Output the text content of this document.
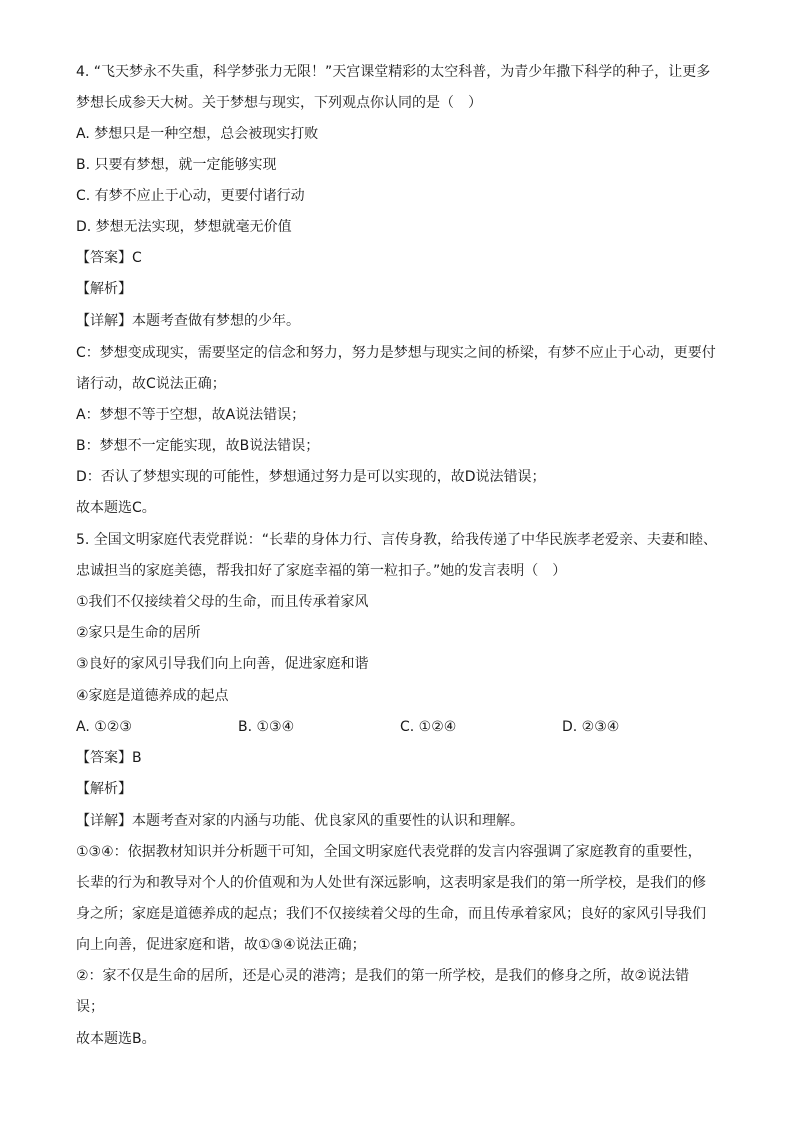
4. “飞天梦永不失重，科学梦张力无限！”天宫课堂精彩的太空科普，为青少年撒下科学的种子，让更多
梦想长成参天大树。关于梦想与现实，下列观点你认同的是（　）
A. 梦想只是一种空想，总会被现实打败
B. 只要有梦想，就一定能够实现
C. 有梦不应止于心动，更要付诸行动
D. 梦想无法实现，梦想就毫无价值
【答案】C
【解析】
【详解】本题考查做有梦想的少年。
C：梦想变成现实，需要坚定的信念和努力，努力是梦想与现实之间的桥梁，有梦不应止于心动，更要付
诸行动，故C说法正确；
A：梦想不等于空想，故A说法错误；
B：梦想不一定能实现，故B说法错误；
D：否认了梦想实现的可能性，梦想通过努力是可以实现的，故D说法错误；
故本题选C。
5. 全国文明家庭代表党群说：“长辈的身体力行、言传身教，给我传递了中华民族孝老爱亲、夫妻和睦、
忠诚担当的家庭美德，帮我扣好了家庭幸福的第一粒扣子。”她的发言表明（　）
①我们不仅接续着父母的生命，而且传承着家风
②家只是生命的居所
③良好的家风引导我们向上向善，促进家庭和谐
④家庭是道德养成的起点
A. ①②③	B. ①③④	C. ①②④	D. ②③④
【答案】B
【解析】
【详解】本题考查对家的内涵与功能、优良家风的重要性的认识和理解。
①③④：依据教材知识并分析题干可知，全国文明家庭代表党群的发言内容强调了家庭教育的重要性，
长辈的行为和教导对个人的价值观和为人处世有深远影响，这表明家是我们的第一所学校，是我们的修
身之所；家庭是道德养成的起点；我们不仅接续着父母的生命，而且传承着家风；良好的家风引导我们
向上向善，促进家庭和谐，故①③④说法正确；
②：家不仅是生命的居所，还是心灵的港湾；是我们的第一所学校，是我们的修身之所，故②说法错
误；
故本题选B。
